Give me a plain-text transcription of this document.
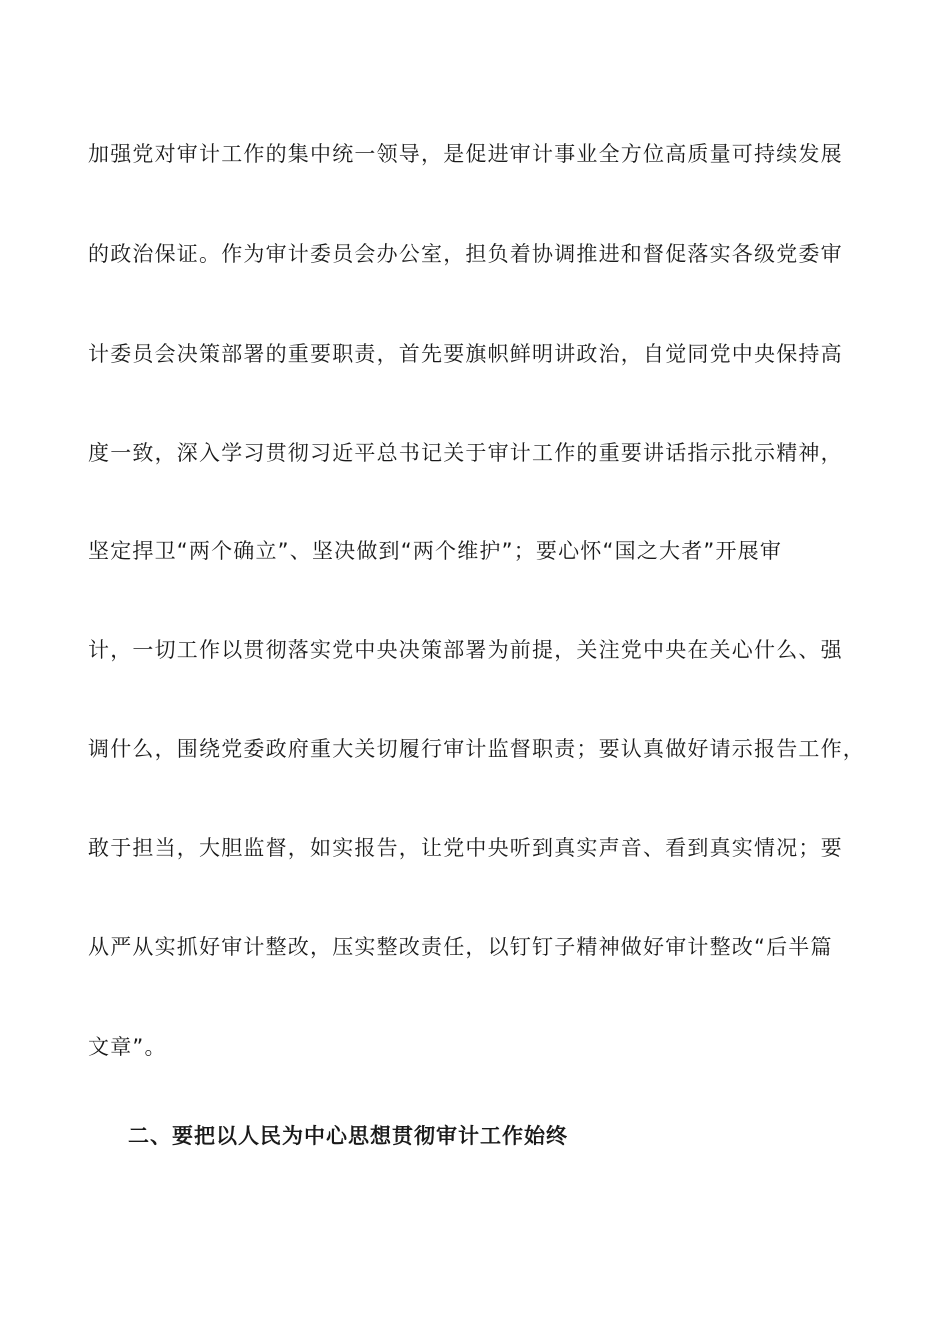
加强党对审计工作的集中统一领导，是促进审计事业全方位高质量可持续发展
的政治保证。作为审计委员会办公室，担负着协调推进和督促落实各级党委审
计委员会决策部署的重要职责，首先要旗帜鲜明讲政治，自觉同党中央保持高
度一致，深入学习贯彻习近平总书记关于审计工作的重要讲话指示批示精神，
坚定捍卫“两个确立”、坚决做到“两个维护”；要心怀“国之大者”开展审
计，一切工作以贯彻落实党中央决策部署为前提，关注党中央在关心什么、强
调什么，围绕党委政府重大关切履行审计监督职责；要认真做好请示报告工作，
敢于担当，大胆监督，如实报告，让党中央听到真实声音、看到真实情况；要
从严从实抓好审计整改，压实整改责任，以钉钉子精神做好审计整改“后半篇
文章”。
二、要把以人民为中心思想贯彻审计工作始终
